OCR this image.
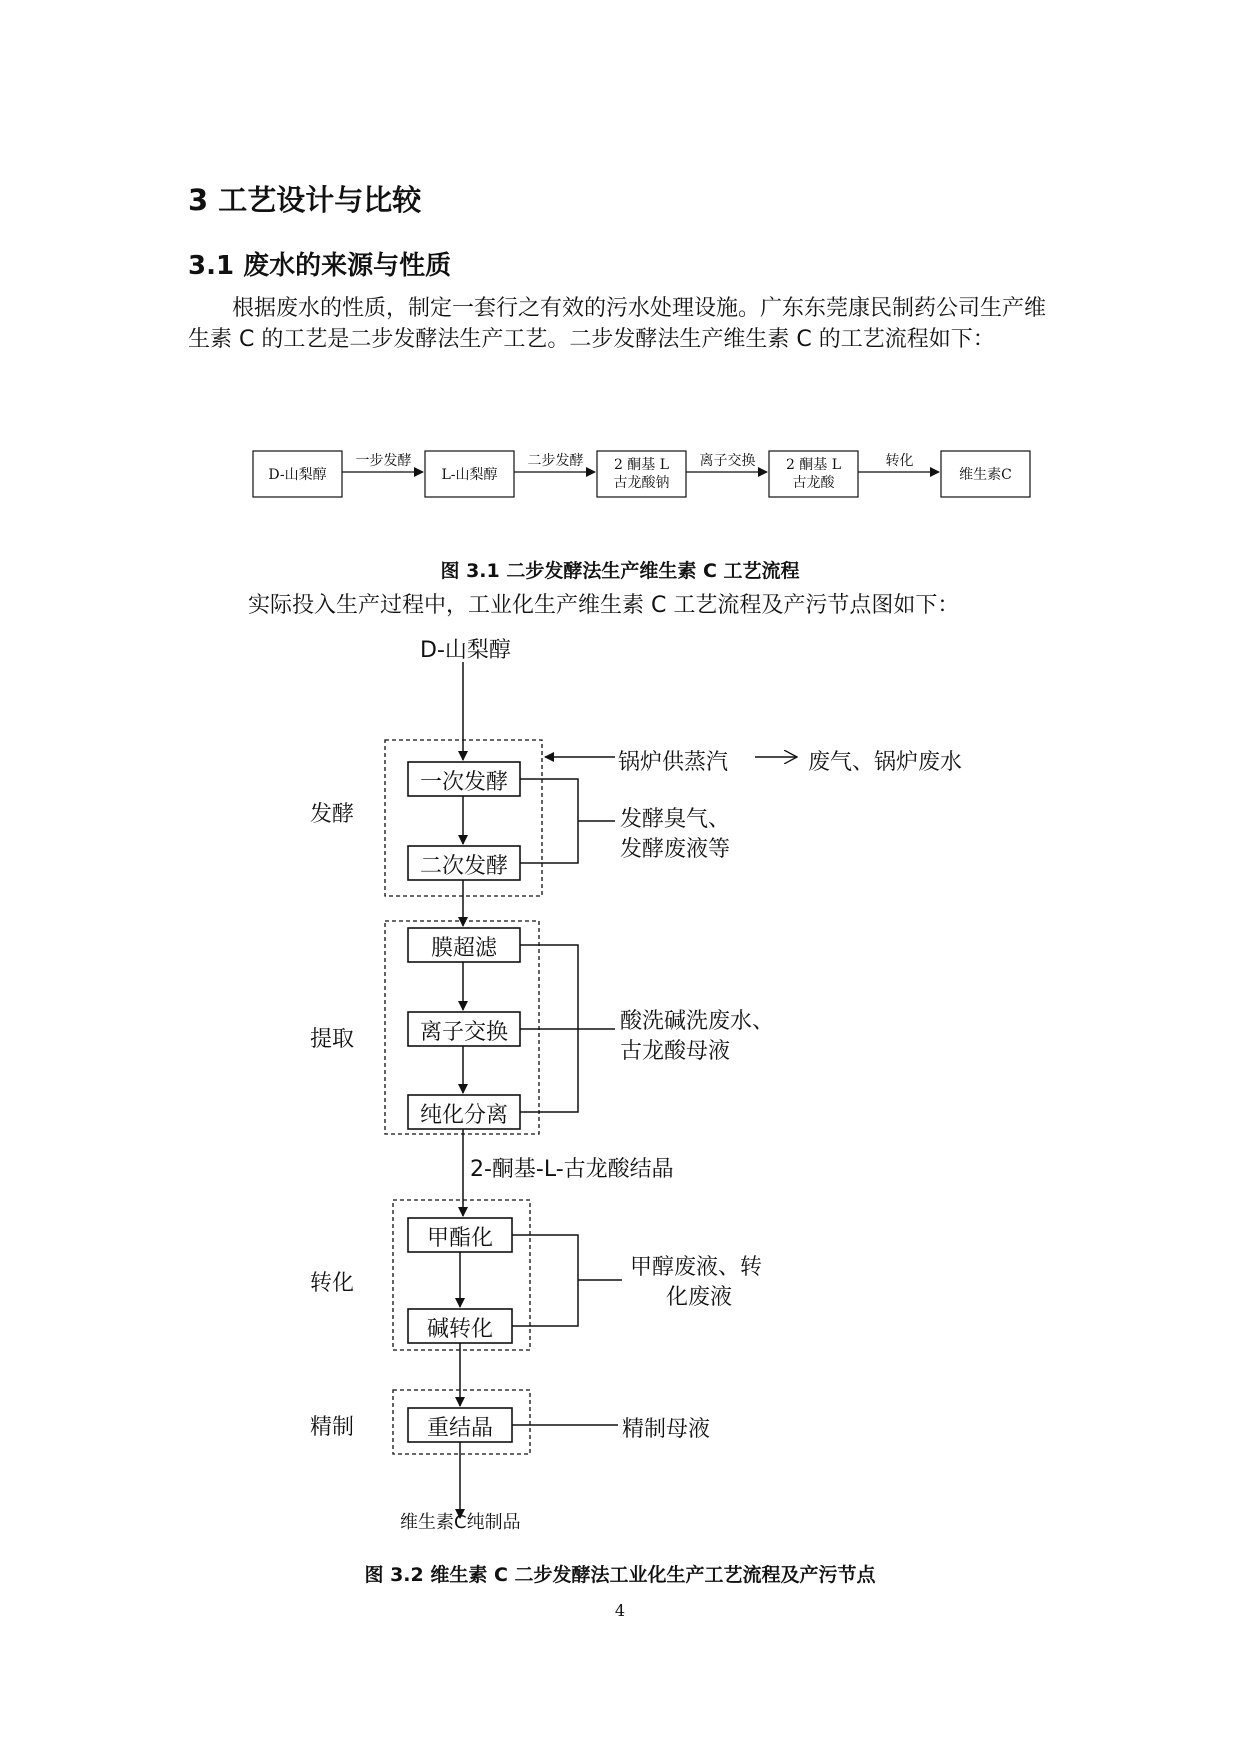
3 工艺设计与比较
3.1 废水的来源与性质

根据废水的性质，制定一套行之有效的污水处理设施。广东东莞康民制药公司生产维生素 C 的工艺是二步发酵法生产工艺。二步发酵法生产维生素 C 的工艺流程如下：

D-山梨醇	L-山梨醇
2 酮基 L
古龙酸钠
2 酮基 L
古龙酸	维生素C
一步发酵	二步发酵	离子交换	转化
图 3.1 二步发酵法生产维生素 C 工艺流程
实际投入生产过程中，工业化生产维生素 C 工艺流程及产污节点图如下：
D-山梨醇
发酵
提取
转化
精制
一次发酵
二次发酵
膜超滤
离子交换
纯化分离
甲酯化
碱转化
重结晶
锅炉供蒸汽	废气、锅炉废水
发酵臭气、
发酵废液等
酸洗碱洗废水、
古龙酸母液
2-酮基-L-古龙酸结晶
甲醇废液、转
化废液
精制母液
维生素C纯制品
图 3.2 维生素 C 二步发酵法工业化生产工艺流程及产污节点
4
